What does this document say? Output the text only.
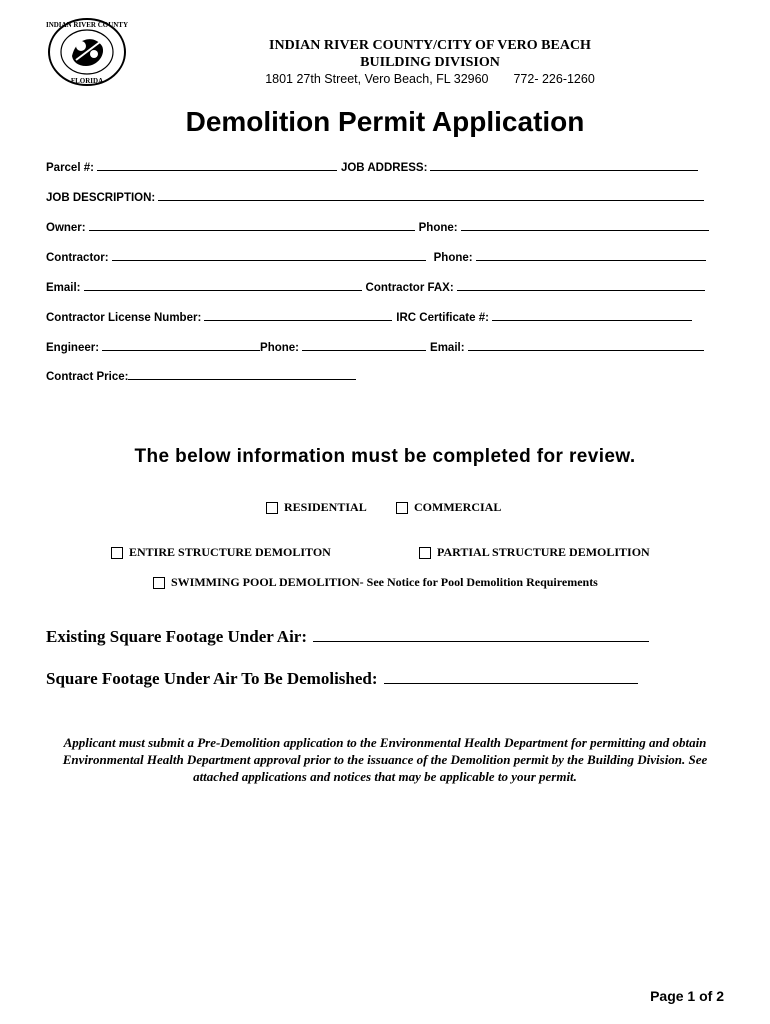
INDIAN RIVER COUNTY
FLORIDA
INDIAN RIVER COUNTY/CITY OF VERO BEACH
BUILDING DIVISION
1801 27th Street, Vero Beach, FL 32960 772- 226-1260
Demolition Permit Application
Parcel #:	JOB ADDRESS:
JOB DESCRIPTION:
Owner:	Phone:
Contractor:	Phone:
Email:	Contractor FAX:
Contractor License Number:	IRC Certificate #:
Engineer:	Phone:	Email:
Contract Price:
The below information must be completed for review.
RESIDENTIAL	COMMERCIAL
ENTIRE STRUCTURE DEMOLITON	PARTIAL STRUCTURE DEMOLITION
SWIMMING POOL DEMOLITION- See Notice for Pool Demolition Requirements
Existing Square Footage Under Air:
Square Footage Under Air To Be Demolished:
Applicant must submit a Pre-Demolition application to the Environmental Health Department for permitting and obtain Environmental Health Department approval prior to the issuance of the Demolition permit by the Building Division. See attached applications and notices that may be applicable to your permit.
Page 1 of 2
